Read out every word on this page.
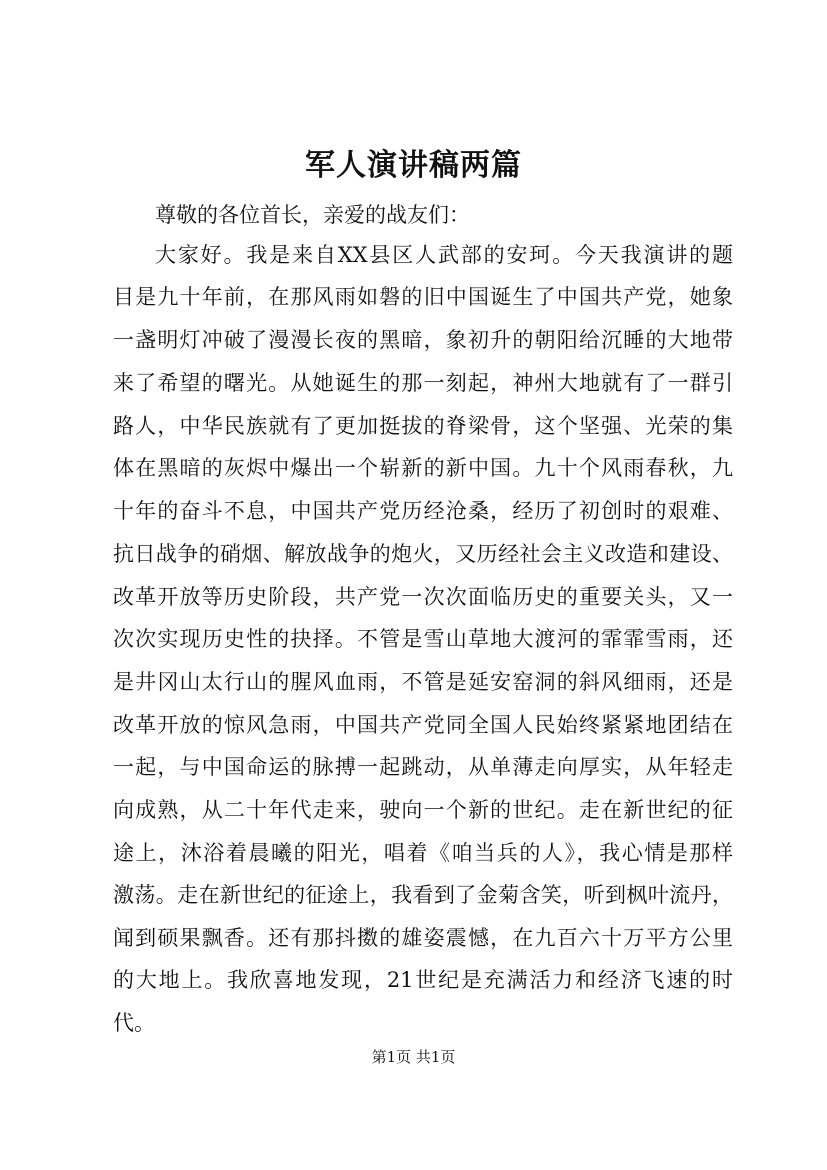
军人演讲稿两篇
尊敬的各位首长，亲爱的战友们：
大家好。我是来自XX县区人武部的安珂。今天我演讲的题
目是九十年前，在那风雨如磐的旧中国诞生了中国共产党，她象
一盏明灯冲破了漫漫长夜的黑暗，象初升的朝阳给沉睡的大地带
来了希望的曙光。从她诞生的那一刻起，神州大地就有了一群引
路人，中华民族就有了更加挺拔的脊梁骨，这个坚强、光荣的集
体在黑暗的灰烬中爆出一个崭新的新中国。九十个风雨春秋，九
十年的奋斗不息，中国共产党历经沧桑，经历了初创时的艰难、
抗日战争的硝烟、解放战争的炮火，又历经社会主义改造和建设、
改革开放等历史阶段，共产党一次次面临历史的重要关头，又一
次次实现历史性的抉择。不管是雪山草地大渡河的霏霏雪雨，还
是井冈山太行山的腥风血雨，不管是延安窑洞的斜风细雨，还是
改革开放的惊风急雨，中国共产党同全国人民始终紧紧地团结在
一起，与中国命运的脉搏一起跳动，从单薄走向厚实，从年轻走
向成熟，从二十年代走来，驶向一个新的世纪。走在新世纪的征
途上，沐浴着晨曦的阳光，唱着《咱当兵的人》，我心情是那样
激荡。走在新世纪的征途上，我看到了金菊含笑，听到枫叶流丹，
闻到硕果飘香。还有那抖擞的雄姿震憾，在九百六十万平方公里
的大地上。我欣喜地发现，21世纪是充满活力和经济飞速的时
代。
第1页 共1页
